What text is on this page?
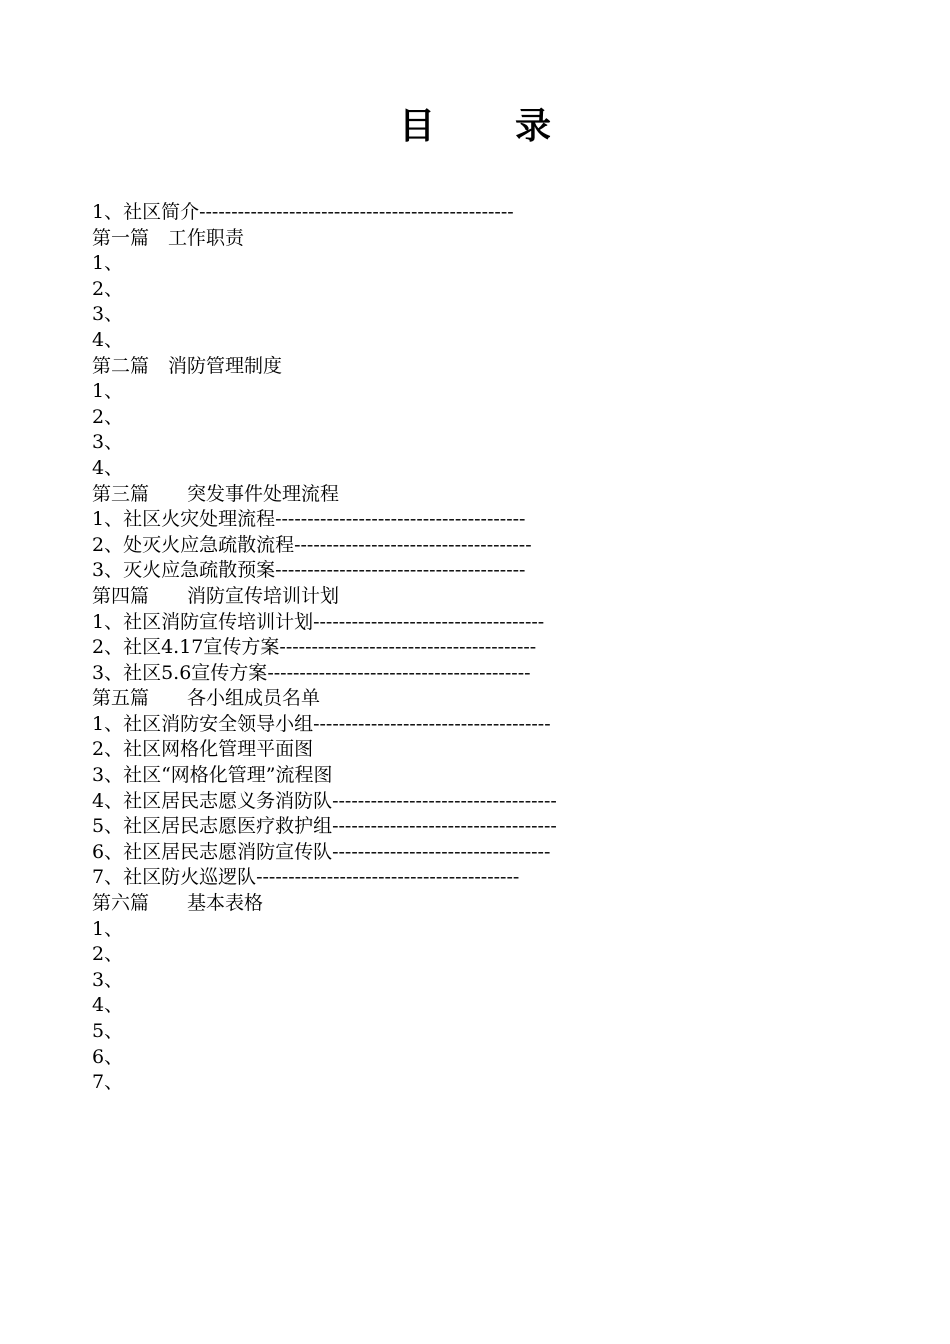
目　录
1、社区简介 -------------------------------------------------
第一篇　工作职责
1、
2、
3、
4、
第二篇　消防管理制度
1、
2、
3、
4、
第三篇　　突发事件处理流程
1、社区火灾处理流程 ---------------------------------------
2、处灭火应急疏散流程 -------------------------------------
3、灭火应急疏散预案 ---------------------------------------
第四篇　　消防宣传培训计划
1、社区消防宣传培训计划 ------------------------------------
2、社区4.17宣传方案 ----------------------------------------
3、社区5.6宣传方案 -----------------------------------------
第五篇　　各小组成员名单
1、社区消防安全领导小组 -------------------------------------
2、社区网格化管理平面图
3、社区“网格化管理”流程图
4、社区居民志愿义务消防队 -----------------------------------
5、社区居民志愿医疗救护组 -----------------------------------
6、社区居民志愿消防宣传队 ----------------------------------
7、社区防火巡逻队 -----------------------------------------
第六篇　　基本表格
1、
2、
3、
4、
5、
6、
7、
